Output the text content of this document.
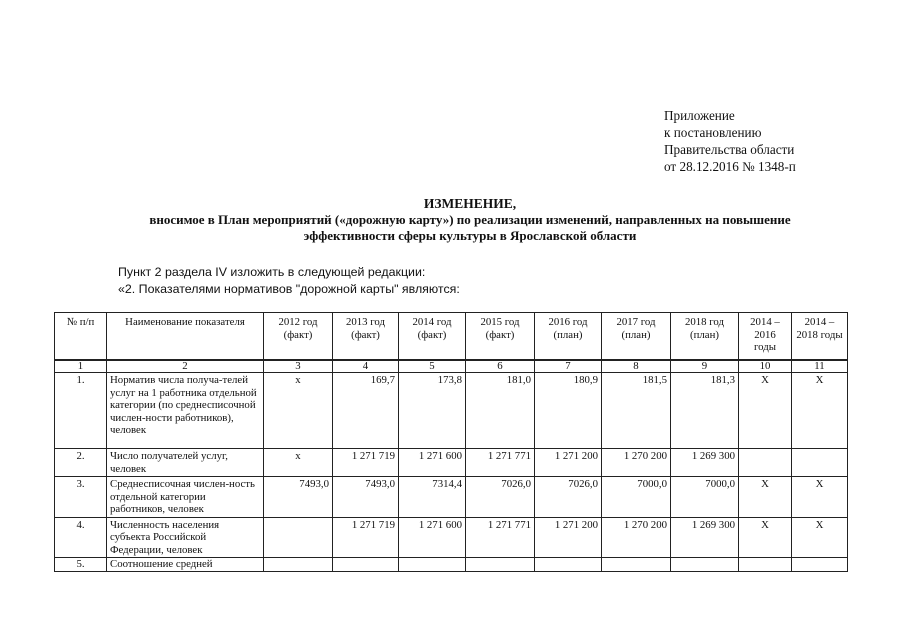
Приложение
к постановлению
Правительства области
от 28.12.2016 № 1348-п
ИЗМЕНЕНИЕ,
вносимое в План мероприятий («дорожную карту») по реализации изменений, направленных на повышение
эффективности сферы культуры в Ярославской области
Пункт 2 раздела IV изложить в следующей редакции:
«2. Показателями нормативов "дорожной карты" являются:
№ п/п	Наименование показателя	2012 год (факт)	2013 год (факт)	2014 год (факт)	2015 год (факт)	2016 год (план)	2017 год (план)	2018 год (план)	2014 – 2016 годы	2014 – 2018 годы
1	2	3	4	5	6	7	8	9	10	11
1.	Норматив числа получа-телей услуг на 1 работника отдельной категории (по среднесписочной числен-ности работников), человек	х	169,7	173,8	181,0	180,9	181,5	181,3	Х	Х
2.	Число получателей услуг, человек	х	1 271 719	1 271 600	1 271 771	1 271 200	1 270 200	1 269 300		
3.	Среднесписочная числен-ность отдельной категории работников, человек	7493,0	7493,0	7314,4	7026,0	7026,0	7000,0	7000,0	Х	Х
4.	Численность населения субъекта Российской Федерации, человек		1 271 719	1 271 600	1 271 771	1 271 200	1 270 200	1 269 300	Х	Х
5.	Соотношение средней									
